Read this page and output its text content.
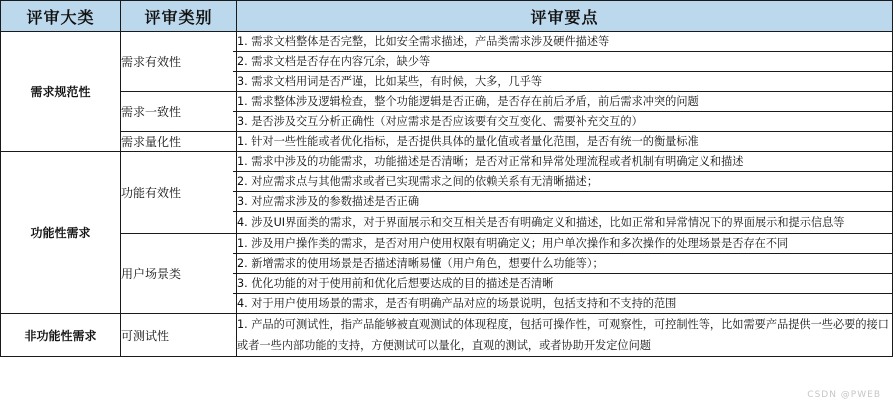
评审大类	评审类别	评审要点
需求规范性	需求有效性	1. 需求文档整体是否完整，比如安全需求描述，产品类需求涉及硬件描述等
2. 需求文档是否存在内容冗余，缺少等
3. 需求文档用词是否严谨，比如某些，有时候，大多，几乎等

	需求一致性	1. 需求整体涉及逻辑检查，整个功能逻辑是否正确，是否存在前后矛盾，前后需求冲突的问题
3. 是否涉及交互分析正确性（对应需求是否应该要有交互变化、需要补充交互的）

	需求量化性	1. 针对一些性能或者优化指标，是否提供具体的量化值或者量化范围，是否有统一的衡量标准

功能性需求	功能有效性	1. 需求中涉及的功能需求，功能描述是否清晰；是否对正常和异常处理流程或者机制有明确定义和描述
2. 对应需求点与其他需求或者已实现需求之间的依赖关系有无清晰描述；
3. 对应需求涉及的参数描述是否正确
4. 涉及UI界面类的需求，对于界面展示和交互相关是否有明确定义和描述，比如正常和异常情况下的界面展示和提示信息等

	用户场景类	1. 涉及用户操作类的需求，是否对用户使用权限有明确定义；用户单次操作和多次操作的处理场景是否存在不同
2. 新增需求的使用场景是否描述清晰易懂（用户角色，想要什么功能等）；
3. 优化功能的对于使用前和优化后想要达成的目的描述是否清晰
4. 对于用户使用场景的需求，是否有明确产品对应的场景说明，包括支持和不支持的范围

非功能性需求	可测试性	1. 产品的可测试性，指产品能够被直观测试的体现程度，包括可操作性，可观察性，可控制性等，比如需要产品提供一些必要的接口或者一些内部功能的支持，方便测试可以量化，直观的测试，或者协助开发定位问题
CSDN @PWEB
